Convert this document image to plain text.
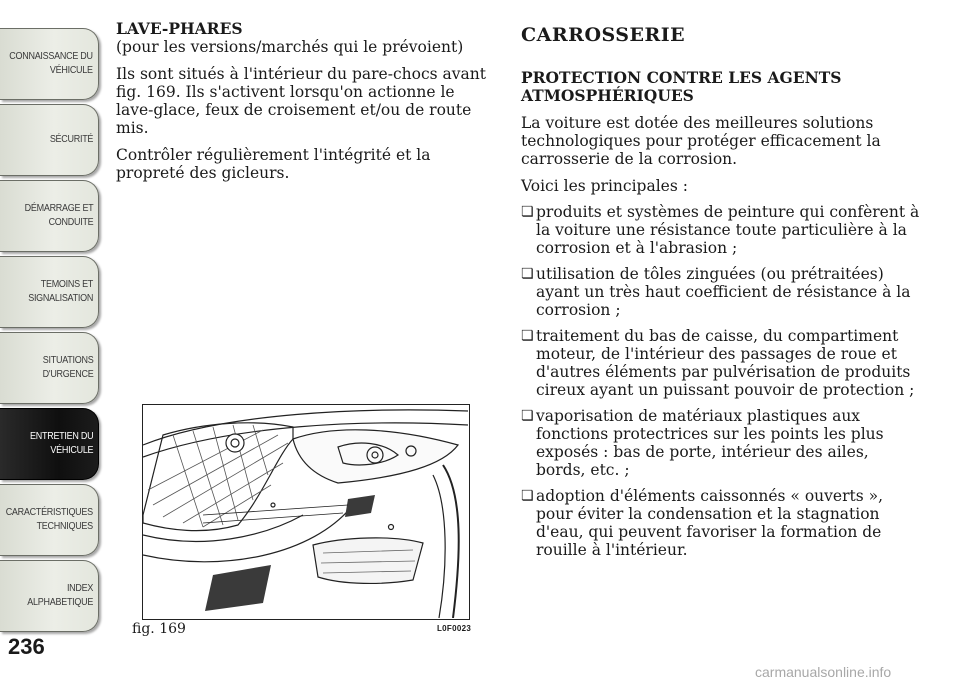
CONNAISSANCE DU
VÉHICULE
SÉCURITÉ
DÉMARRAGE ET
CONDUITE
TEMOINS ET
SIGNALISATION
SITUATIONS
D'URGENCE
ENTRETIEN DU
VÉHICULE
CARACTÉRISTIQUES
TECHNIQUES
INDEX
ALPHABETIQUE
236

LAVE-PHARES

(pour les versions/marchés qui le prévoient)

Ils sont situés à l'intérieur du pare-chocs avant fig. 169. Ils s'activent lorsqu'on actionne le lave-glace, feux de croisement et/ou de route mis.

Contrôler régulièrement l'intégrité et la propreté des gicleurs.

CARROSSERIE

PROTECTION CONTRE LES AGENTS ATMOSPHÉRIQUES

La voiture est dotée des meilleures solutions technologiques pour protéger efficacement la carrosserie de la corrosion.

Voici les principales :

❏ produits et systèmes de peinture qui confèrent à la voiture une résistance toute particulière à la corrosion et à l'abrasion ;
❏ utilisation de tôles zinguées (ou prétraitées) ayant un très haut coefficient de résistance à la corrosion ;
❏ traitement du bas de caisse, du compartiment moteur, de l'intérieur des passages de roue et d'autres éléments par pulvérisation de produits cireux ayant un puissant pouvoir de protection ;
❏ vaporisation de matériaux plastiques aux fonctions protectrices sur les points les plus exposés : bas de porte, intérieur des ailes, bords, etc. ;
❏ adoption d'éléments caissonnés « ouverts », pour éviter la condensation et la stagnation d'eau, qui peuvent favoriser la formation de rouille à l'intérieur.
fig. 169	L0F0023
carmanualsonline.info
